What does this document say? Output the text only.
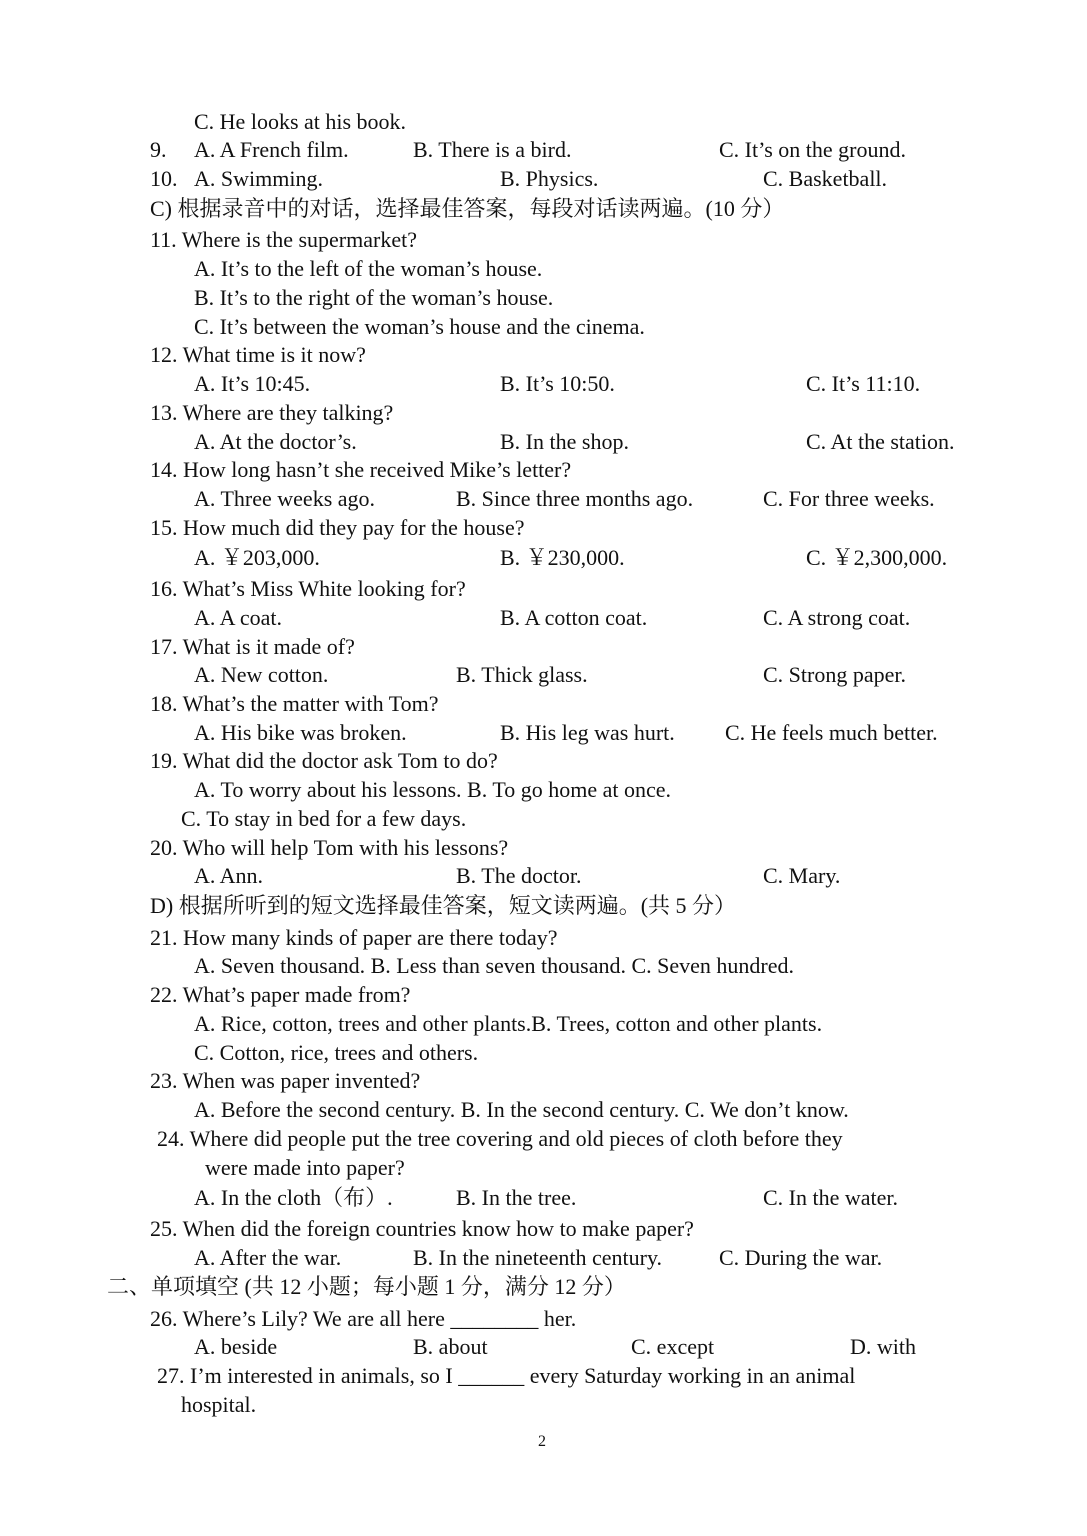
C. He looks at his book.
9. A. A French film.	B. There is a bird.	C. It’s on the ground.
10. A. Swimming.	B. Physics.	C. Basketball.
C) 根据录音中的对话，选择最佳答案，每段对话读两遍。(10 分）
11. Where is the supermarket?
A. It’s to the left of the woman’s house.
B. It’s to the right of the woman’s house.
C. It’s between the woman’s house and the cinema.
12. What time is it now?
A. It’s 10:45.	B. It’s 10:50.	C. It’s 11:10.
13. Where are they talking?
A. At the doctor’s.	B. In the shop.	C. At the station.
14. How long hasn’t she received Mike’s letter?
A. Three weeks ago.	B. Since three months ago.	C. For three weeks.
15. How much did they pay for the house?
A. ￥203,000.	B. ￥230,000.	C. ￥2,300,000.
16. What’s Miss White looking for?
A. A coat.	B. A cotton coat.	C. A strong coat.
17. What is it made of?
A. New cotton.	B. Thick glass.	C. Strong paper.
18. What’s the matter with Tom?
A. His bike was broken.	B. His leg was hurt. C. He feels much better.
19. What did the doctor ask Tom to do?
A. To worry about his lessons. B. To go home at once.
C. To stay in bed for a few days.
20. Who will help Tom with his lessons?
A. Ann.	B. The doctor.	C. Mary.
D) 根据所听到的短文选择最佳答案，短文读两遍。(共 5 分）
21. How many kinds of paper are there today?
A. Seven thousand. B. Less than seven thousand. C. Seven hundred.
22. What’s paper made from?
A. Rice, cotton, trees and other plants.B. Trees, cotton and other plants.
C. Cotton, rice, trees and others.
23. When was paper invented?
A. Before the second century. B. In the second century. C. We don’t know.
24. Where did people put the tree covering and old pieces of cloth before they
were made into paper?
A. In the cloth（布）.	B. In the tree.	C. In the water.
25. When did the foreign countries know how to make paper?
A. After the war.	B. In the nineteenth century.	C. During the war.
二、单项填空 (共 12 小题；每小题 1 分，满分 12 分）
26. Where’s Lily? We are all here ________ her.
A. beside	B. about	C. except	D. with
27. I’m interested in animals, so I ______ every Saturday working in an animal
hospital.
2
